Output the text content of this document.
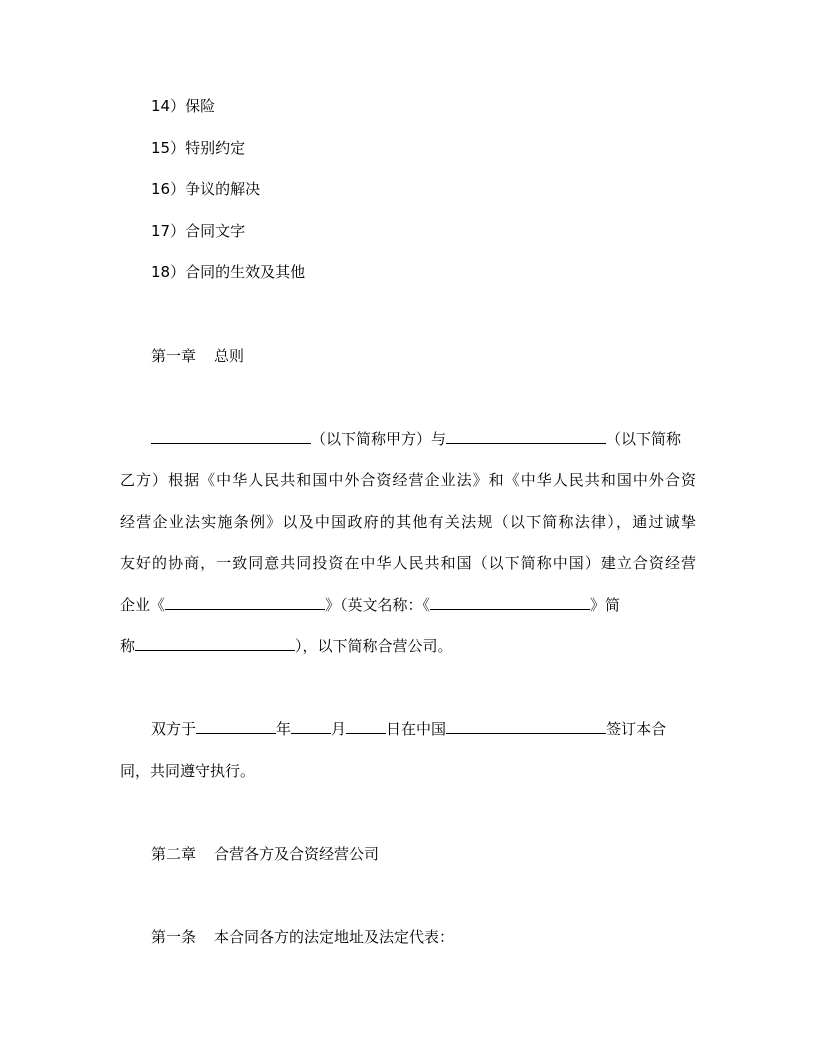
14）保险
15）特别约定
16）争议的解决
17）合同文字
18）合同的生效及其他
第一章 总则
（以下简称甲方）与	（以下简称
乙方）根据《中华人民共和国中外合资经营企业法》和《中华人民共和国中外合资
经营企业法实施条例》以及中国政府的其他有关法规（以下简称法律），通过诚挚
友好的协商，一致同意共同投资在中华人民共和国（以下简称中国）建立合资经营
企业《	》（英文名称：《	》简
称	），以下简称合营公司。
双方于	年	月	日在中国	签订本合
同，共同遵守执行。
第二章 合营各方及合资经营公司
第一条 本合同各方的法定地址及法定代表：
